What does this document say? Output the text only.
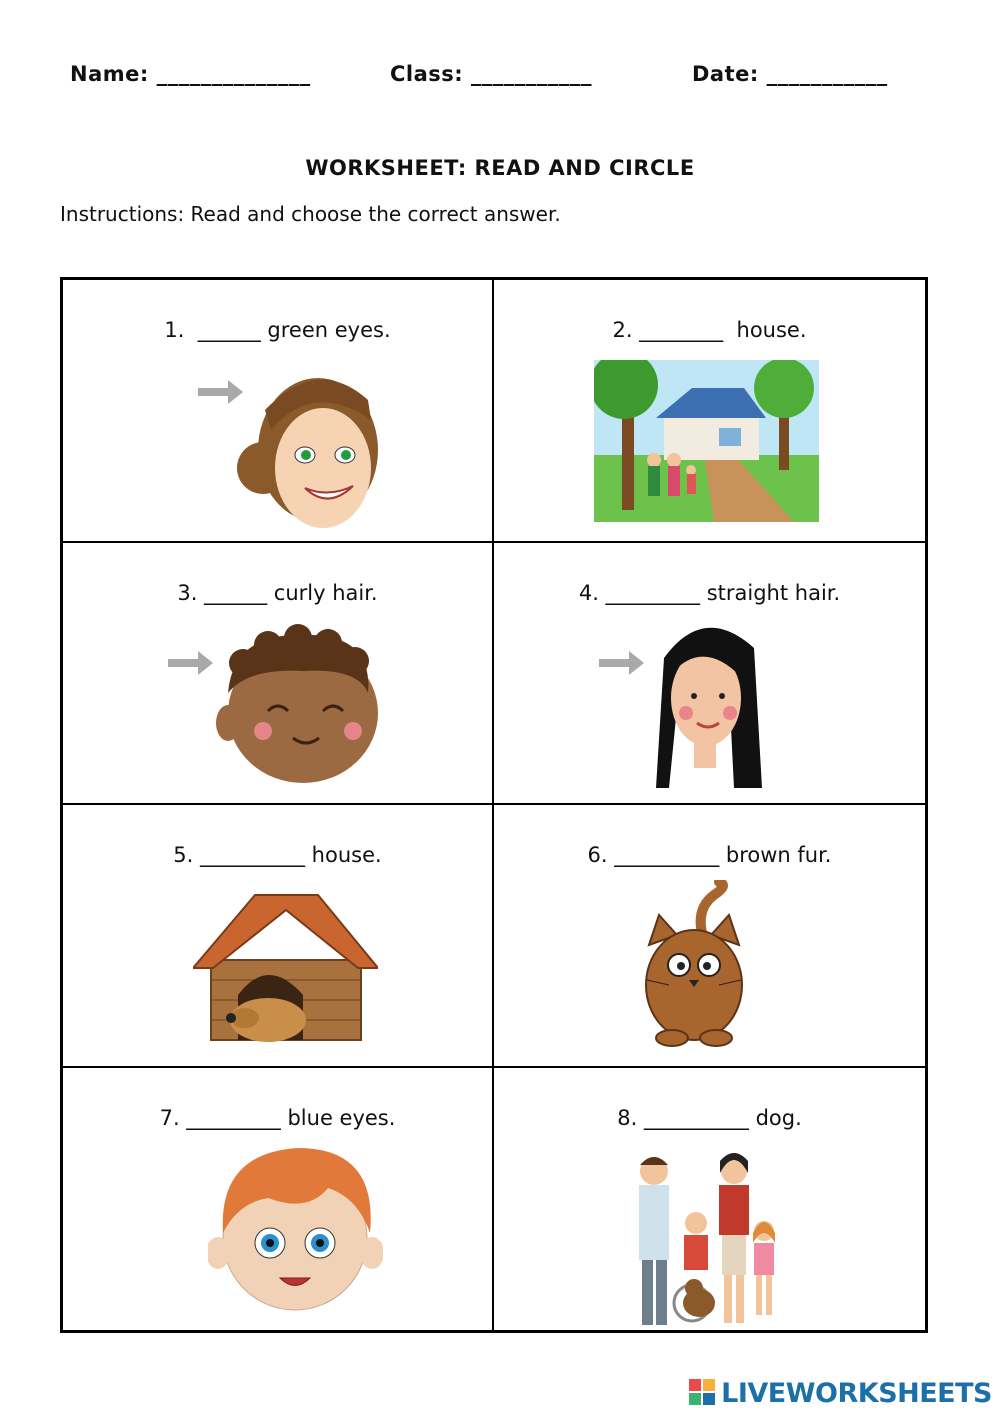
Name: ______________	Class: ___________	Date: ___________
WORKSHEET: READ AND CIRCLE
Instructions: Read and choose the correct answer.
1.  ______ green eyes.	2. ________  house.
3. ______ curly hair.	4. _________ straight hair.
5. __________ house.	6. __________ brown fur.
7. _________ blue eyes.	8. __________ dog.
LIVEWORKSHEETS
